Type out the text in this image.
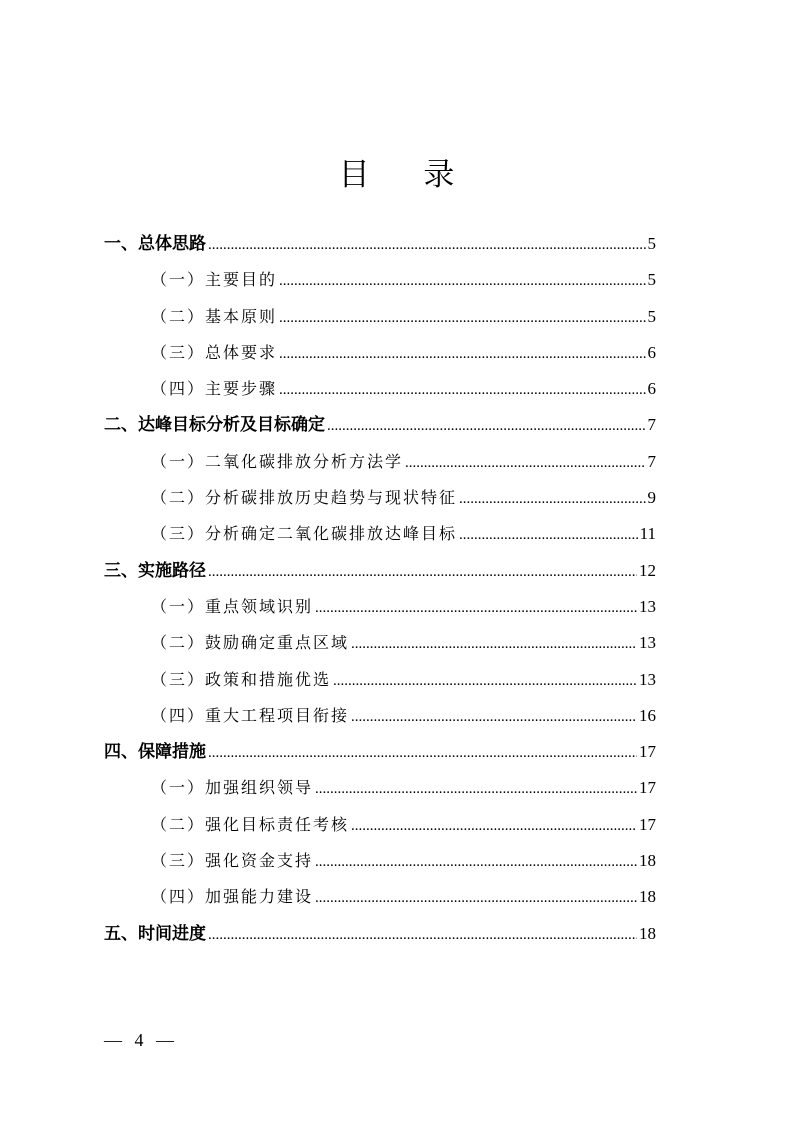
目 录
一、总体思路 .....	5
（一）主要目的 .....	5
（二）基本原则 .....	5
（三）总体要求 .....	6
（四）主要步骤 .....	6
二、达峰目标分析及目标确定 .....	7
（一）二氧化碳排放分析方法学 .....	7
（二）分析碳排放历史趋势与现状特征 .....	9
（三）分析确定二氧化碳排放达峰目标 .....	11
三、实施路径 .....	12
（一）重点领域识别 .....	13
（二）鼓励确定重点区域 .....	13
（三）政策和措施优选 .....	13
（四）重大工程项目衔接 .....	16
四、保障措施 .....	17
（一）加强组织领导 .....	17
（二）强化目标责任考核 .....	17
（三）强化资金支持 .....	18
（四）加强能力建设 .....	18
五、时间进度 .....	18
— 4 —
